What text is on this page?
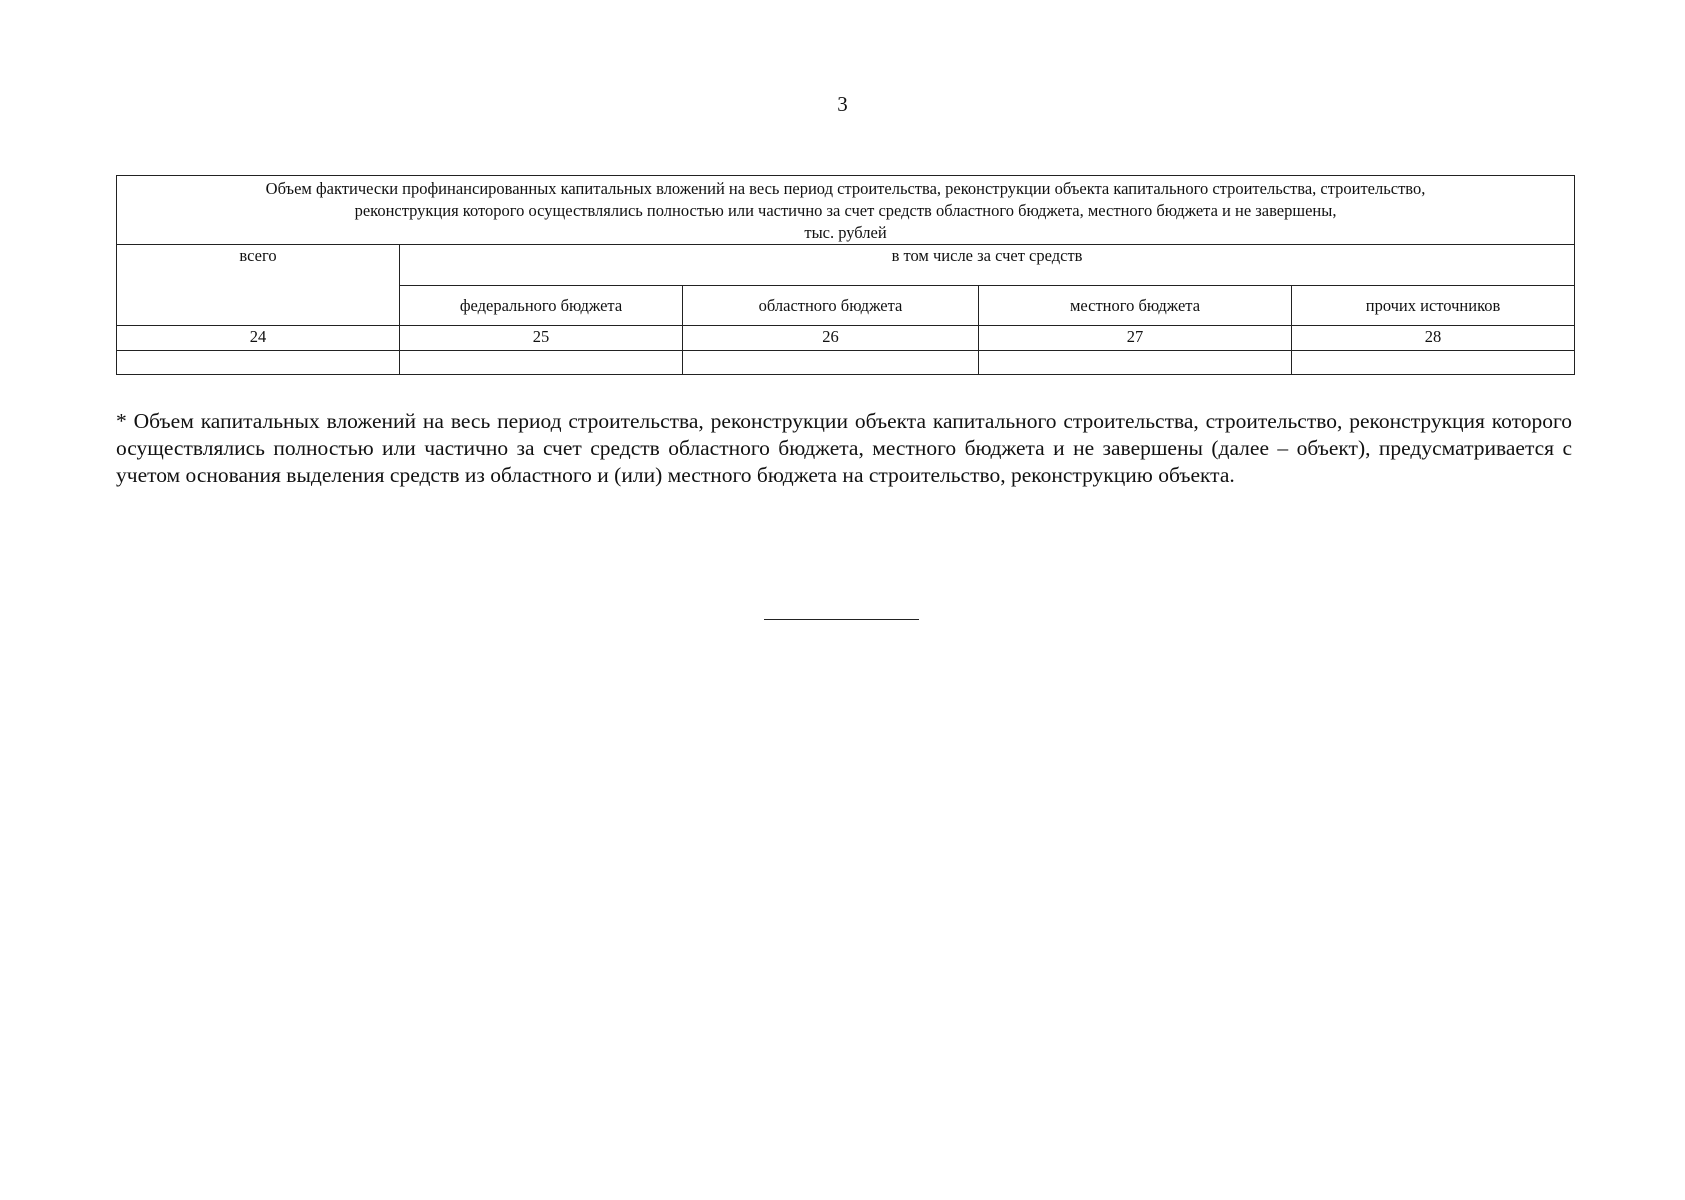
3
Объем фактически профинансированных капитальных вложений на весь период строительства, реконструкции объекта капитального строительства, строительство,
реконструкция которого осуществлялись полностью или частично за счет средств областного бюджета, местного бюджета и не завершены,
тыс. рублей				

всего	в том числе за счет средств			
	федерального бюджета	областного бюджета	местного бюджета	прочих источников
24	25	26	27	28

* Объем капитальных вложений на весь период строительства, реконструкции объекта капитального строительства, строительство, реконструкция которого осуществлялись полностью или частично за счет средств областного бюджета, местного бюджета и не завершены (далее – объект), предусматривается с учетом основания выделения средств из областного и (или) местного бюджета на строительство, реконструкцию объекта.
